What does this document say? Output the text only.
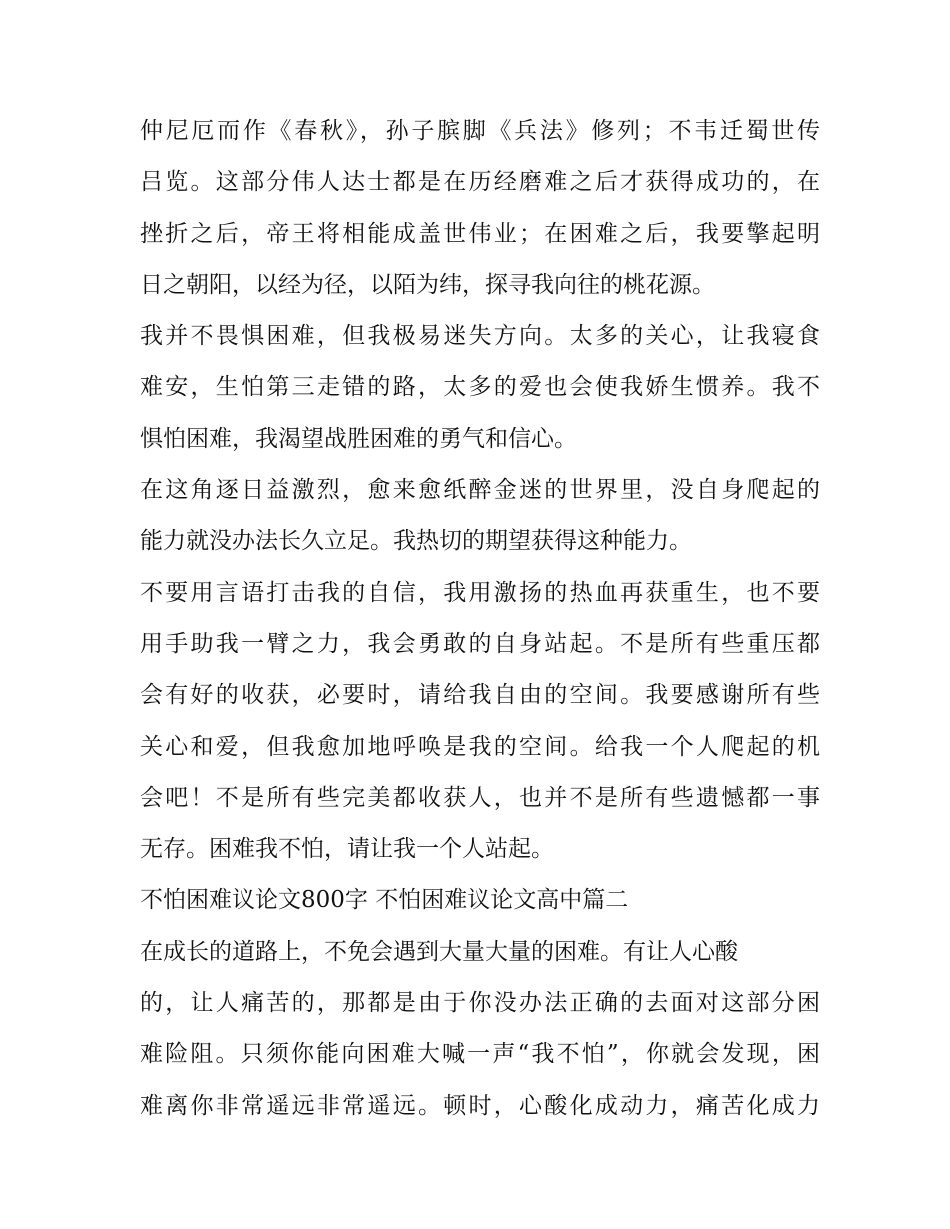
仲尼厄而作《春秋》，孙子膑脚《兵法》修列；不韦迁蜀世传
吕览。这部分伟人达士都是在历经磨难之后才获得成功的，在
挫折之后，帝王将相能成盖世伟业；在困难之后，我要擎起明
日之朝阳，以经为径，以陌为纬，探寻我向往的桃花源。
我并不畏惧困难，但我极易迷失方向。太多的关心，让我寝食
难安，生怕第三走错的路，太多的爱也会使我娇生惯养。我不
惧怕困难，我渴望战胜困难的勇气和信心。
在这角逐日益激烈，愈来愈纸醉金迷的世界里，没自身爬起的
能力就没办法长久立足。我热切的期望获得这种能力。
不要用言语打击我的自信，我用激扬的热血再获重生，也不要
用手助我一臂之力，我会勇敢的自身站起。不是所有些重压都
会有好的收获，必要时，请给我自由的空间。我要感谢所有些
关心和爱，但我愈加地呼唤是我的空间。给我一个人爬起的机
会吧！不是所有些完美都收获人，也并不是所有些遗憾都一事
无存。困难我不怕，请让我一个人站起。
不怕困难议论文800字 不怕困难议论文高中篇二
在成长的道路上，不免会遇到大量大量的困难。有让人心酸
的，让人痛苦的，那都是由于你没办法正确的去面对这部分困
难险阻。只须你能向困难大喊一声“我不怕”，你就会发现，困
难离你非常遥远非常遥远。顿时，心酸化成动力，痛苦化成力
